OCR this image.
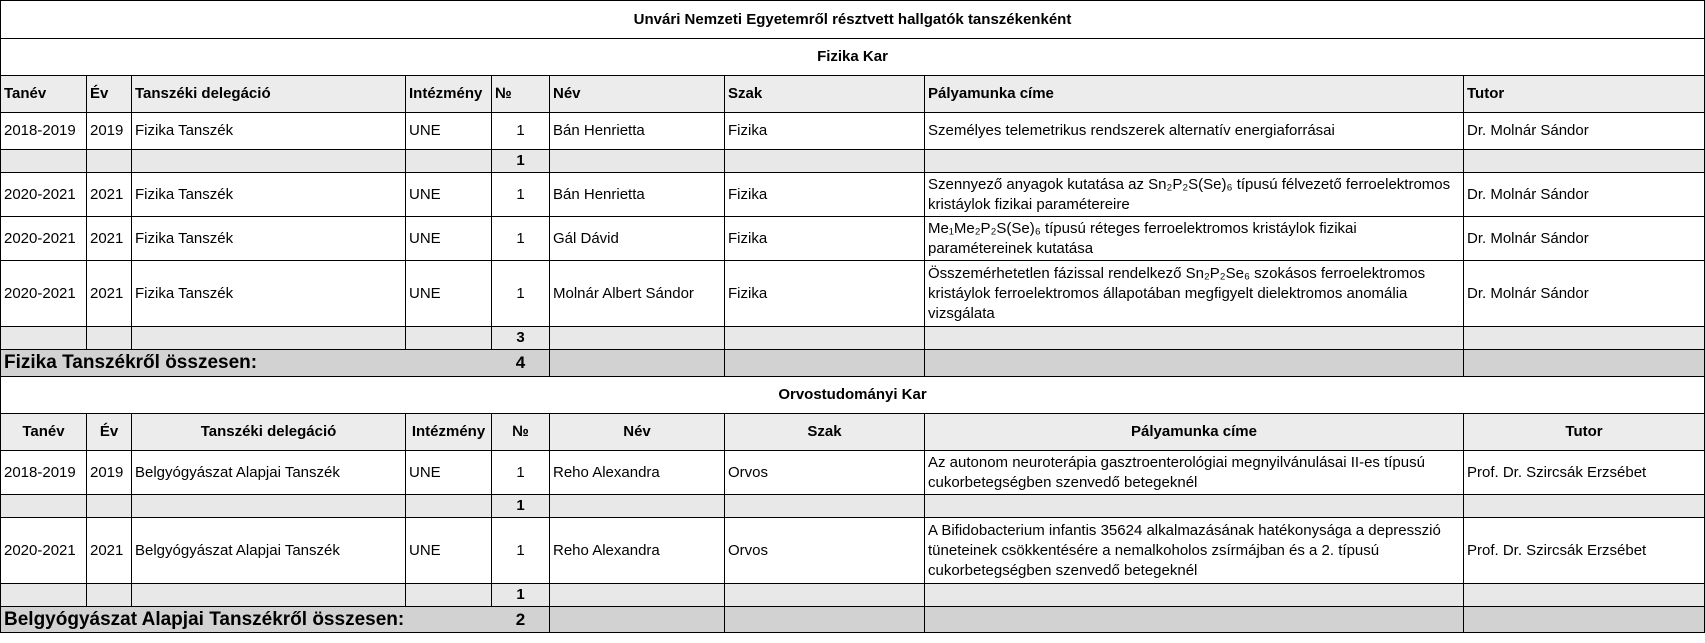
Unvári Nemzeti Egyetemről résztvett hallgatók tanszékenként								
Fizika Kar								
Tanév	Év	Tanszéki delegáció	Intézmény	№	Név	Szak	Pályamunka címe	Tutor
2018-2019	2019	Fizika Tanszék	UNE	1	Bán Henrietta	Fizika	Személyes telemetrikus rendszerek alternatív energiaforrásai	Dr. Molnár Sándor
				1				
2020-2021	2021	Fizika Tanszék	UNE	1	Bán Henrietta	Fizika	Szennyező anyagok kutatása az Sn₂P₂S(Se)₆ típusú félvezető ferroelektromos kristáylok fizikai paramétereire	Dr. Molnár Sándor
2020-2021	2021	Fizika Tanszék	UNE	1	Gál Dávid	Fizika	Me₁Me₂P₂S(Se)₆ típusú réteges ferroelektromos kristáylok fizikai paramétereinek kutatása	Dr. Molnár Sándor
2020-2021	2021	Fizika Tanszék	UNE	1	Molnár Albert Sándor	Fizika	Összemérhetetlen fázissal rendelkező Sn₂P₂Se₆ szokásos ferroelektromos kristáylok ferroelektromos állapotában megfigyelt dielektromos anomália vizsgálata	Dr. Molnár Sándor
				3				
Fizika Tanszékről összesen:				4				
Orvostudományi Kar								
Tanév	Év	Tanszéki delegáció	Intézmény	№	Név	Szak	Pályamunka címe	Tutor
2018-2019	2019	Belgyógyászat Alapjai Tanszék	UNE	1	Reho Alexandra	Orvos	Az autonom neuroterápia gasztroenterológiai megnyilvánulásai II-es típusú cukorbetegségben szenvedő betegeknél	Prof. Dr. Szircsák Erzsébet
				1				
2020-2021	2021	Belgyógyászat Alapjai Tanszék	UNE	1	Reho Alexandra	Orvos	A Bifidobacterium infantis 35624 alkalmazásának hatékonysága a depresszió tüneteinek csökkentésére a nemalkoholos zsírmájban és a 2. típusú cukorbetegségben szenvedő betegeknél	Prof. Dr. Szircsák Erzsébet
				1				
Belgyógyászat Alapjai Tanszékről összesen:				2				
